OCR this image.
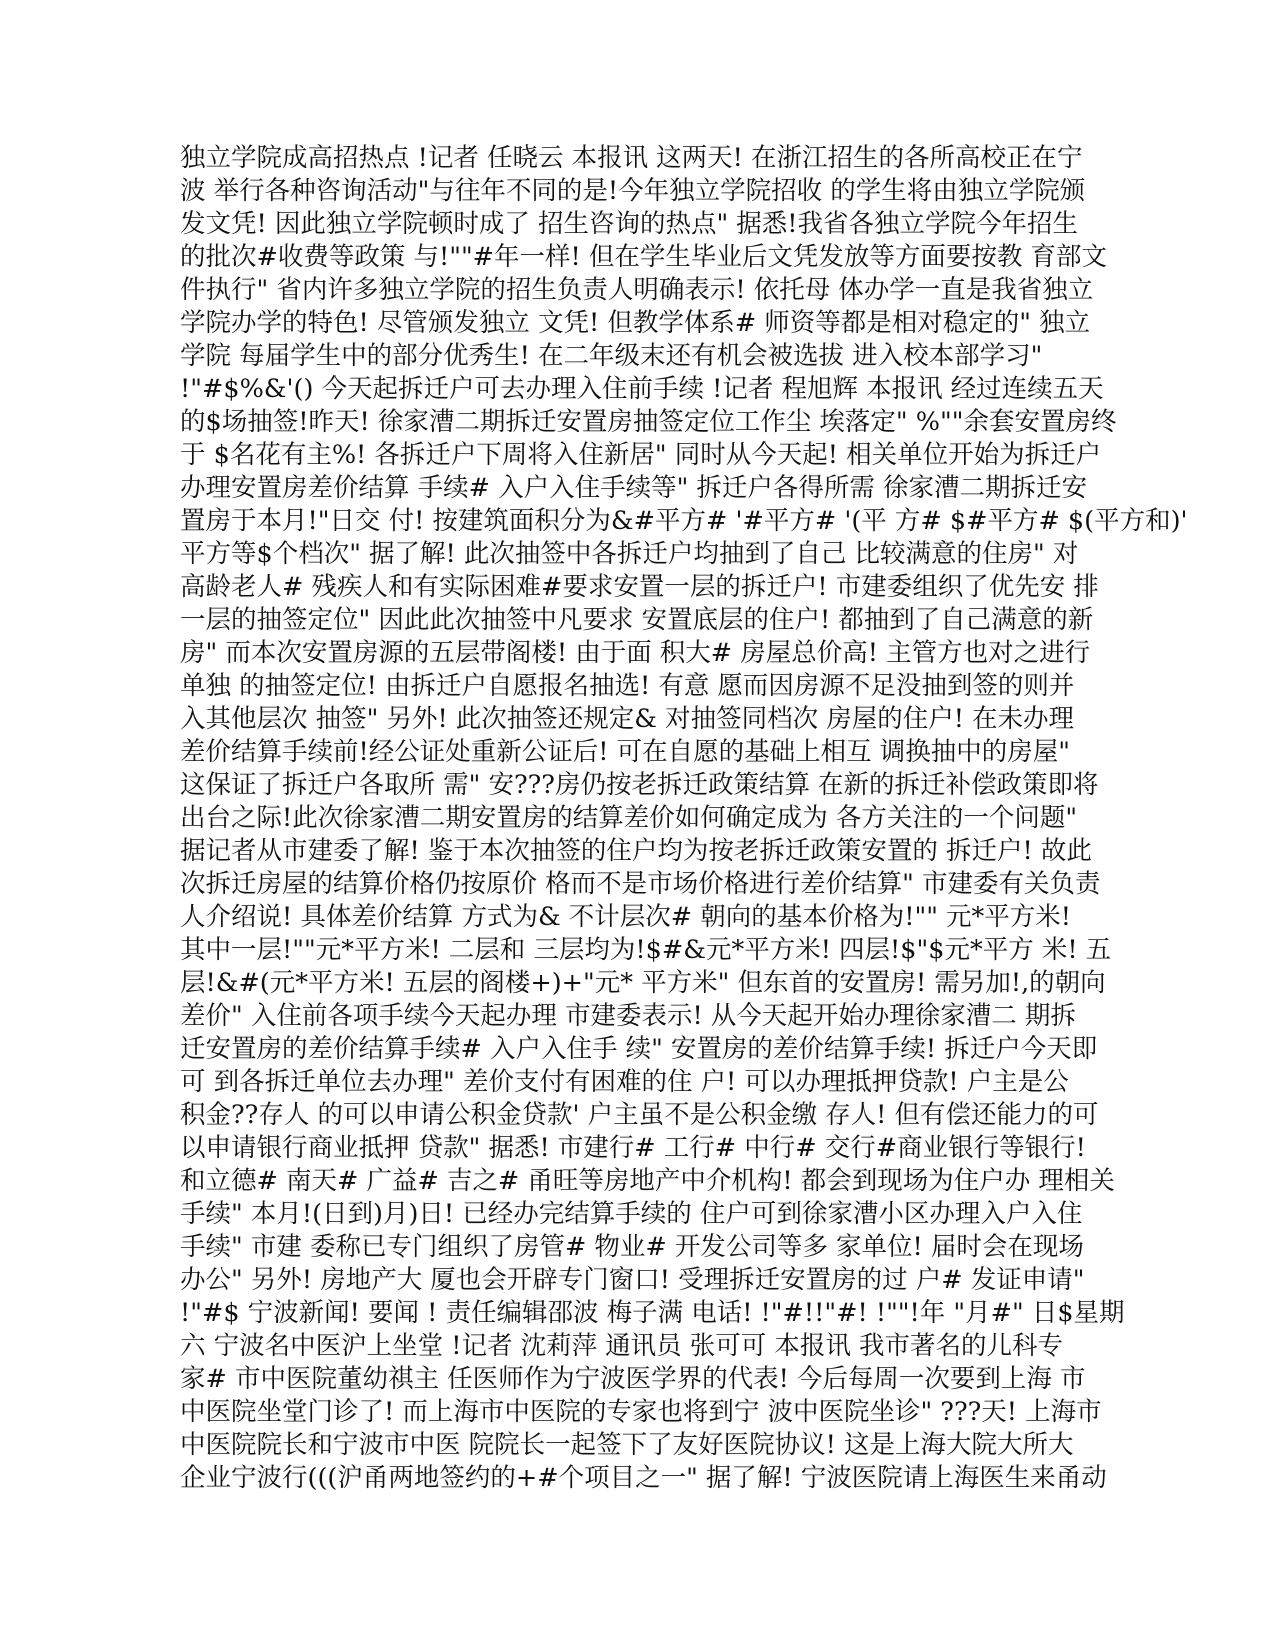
独立学院成高招热点 !记者 任晓云 本报讯 这两天! 在浙江招生的各所高校正在宁
波 举行各种咨询活动"与往年不同的是!今年独立学院招收 的学生将由独立学院颁
发文凭! 因此独立学院顿时成了 招生咨询的热点" 据悉!我省各独立学院今年招生
的批次#收费等政策 与!""#年一样! 但在学生毕业后文凭发放等方面要按教 育部文
件执行" 省内许多独立学院的招生负责人明确表示! 依托母 体办学一直是我省独立
学院办学的特色! 尽管颁发独立 文凭! 但教学体系# 师资等都是相对稳定的" 独立
学院 每届学生中的部分优秀生! 在二年级末还有机会被选拔 进入校本部学习"
!"#$%&'() 今天起拆迁户可去办理入住前手续 !记者 程旭辉 本报讯 经过连续五天
的$场抽签!昨天! 徐家漕二期拆迁安置房抽签定位工作尘 埃落定" %""余套安置房终
于 $名花有主%! 各拆迁户下周将入住新居" 同时从今天起! 相关单位开始为拆迁户
办理安置房差价结算 手续# 入户入住手续等" 拆迁户各得所需 徐家漕二期拆迁安
置房于本月!"日交 付! 按建筑面积分为&#平方# '#平方# '(平 方# $#平方# $(平方和)'
平方等$个档次" 据了解! 此次抽签中各拆迁户均抽到了自己 比较满意的住房" 对
高龄老人# 残疾人和有实际困难#要求安置一层的拆迁户! 市建委组织了优先安 排
一层的抽签定位" 因此此次抽签中凡要求 安置底层的住户! 都抽到了自己满意的新
房" 而本次安置房源的五层带阁楼! 由于面 积大# 房屋总价高! 主管方也对之进行
单独 的抽签定位! 由拆迁户自愿报名抽选! 有意 愿而因房源不足没抽到签的则并
入其他层次 抽签" 另外! 此次抽签还规定& 对抽签同档次 房屋的住户! 在未办理
差价结算手续前!经公证处重新公证后! 可在自愿的基础上相互 调换抽中的房屋"
这保证了拆迁户各取所 需" 安???房仍按老拆迁政策结算 在新的拆迁补偿政策即将
出台之际!此次徐家漕二期安置房的结算差价如何确定成为 各方关注的一个问题"
据记者从市建委了解! 鉴于本次抽签的住户均为按老拆迁政策安置的 拆迁户! 故此
次拆迁房屋的结算价格仍按原价 格而不是市场价格进行差价结算" 市建委有关负责
人介绍说! 具体差价结算 方式为& 不计层次# 朝向的基本价格为!"" 元*平方米!
其中一层!""元*平方米! 二层和 三层均为!$#&元*平方米! 四层!$"$元*平方 米! 五
层!&#(元*平方米! 五层的阁楼+)+"元* 平方米" 但东首的安置房! 需另加!,的朝向
差价" 入住前各项手续今天起办理 市建委表示! 从今天起开始办理徐家漕二 期拆
迁安置房的差价结算手续# 入户入住手 续" 安置房的差价结算手续! 拆迁户今天即
可 到各拆迁单位去办理" 差价支付有困难的住 户! 可以办理抵押贷款! 户主是公
积金??存人 的可以申请公积金贷款' 户主虽不是公积金缴 存人! 但有偿还能力的可
以申请银行商业抵押 贷款" 据悉! 市建行# 工行# 中行# 交行#商业银行等银行!
和立德# 南天# 广益# 吉之# 甬旺等房地产中介机构! 都会到现场为住户办 理相关
手续" 本月!(日到)月)日! 已经办完结算手续的 住户可到徐家漕小区办理入户入住
手续" 市建 委称已专门组织了房管# 物业# 开发公司等多 家单位! 届时会在现场
办公" 另外! 房地产大 厦也会开辟专门窗口! 受理拆迁安置房的过 户# 发证申请"
!"#$ 宁波新闻! 要闻 ! 责任编辑邵波 梅子满 电话! !"#!!"#! !""!年 "月#" 日$星期
六 宁波名中医沪上坐堂 !记者 沈莉萍 通讯员 张可可 本报讯 我市著名的儿科专
家# 市中医院董幼祺主 任医师作为宁波医学界的代表! 今后每周一次要到上海 市
中医院坐堂门诊了! 而上海市中医院的专家也将到宁 波中医院坐诊" ???天! 上海市
中医院院长和宁波市中医 院院长一起签下了友好医院协议! 这是上海大院大所大
企业宁波行(((沪甬两地签约的+#个项目之一" 据了解! 宁波医院请上海医生来甬动
